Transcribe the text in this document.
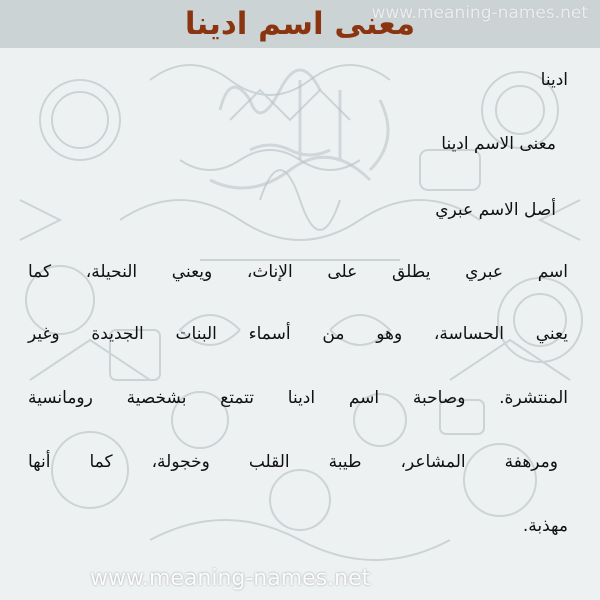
www.meaning-names.net
معنى اسم ادينا
ادينا
معنى الاسم ادينا
أصل الاسم عبري
اسم عبري يطلق على الإناث، ويعني النحيلة، كما
يعني الحساسة، وهو من أسماء البنات الجديدة وغير
المنتشرة. وصاحبة اسم ادينا تتمتع بشخصية رومانسية
ومرهفة المشاعر، طيبة القلب وخجولة، كما أنها
مهذبة.
www.meaning-names.net
